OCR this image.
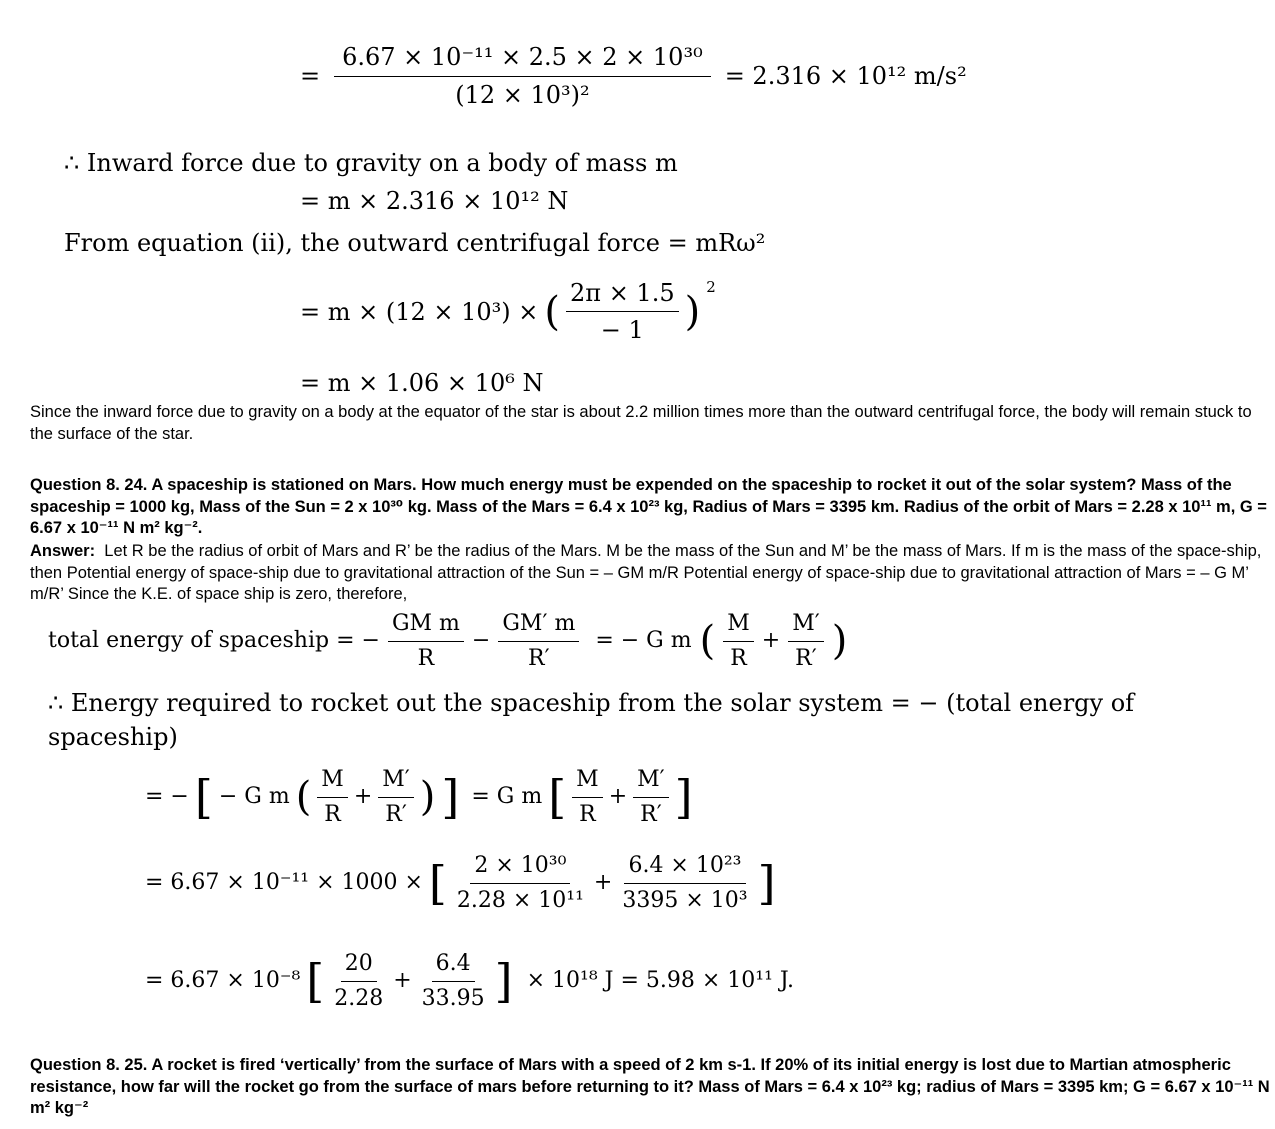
= $\frac{\text{6.67 × 10⁻¹¹ × 2.5 × 2 × 10³⁰}}{\text{(12 × 10³)²}} = 2.316 \times 10^{12}$ m/s²
∴ Inward force due to gravity on a body of mass m
= m × 2.316 × 10¹² N
From equation (ii), the outward centrifugal force = mRω²
= m × (12 × 10³) × ( $\frac{2\pi \times 1.5}{- 1}$ )
2
= m × 1.06 × 10⁶ N
Since the inward force due to gravity on a body at the equator of the star is about 2.2 million times more than the outward centrifugal force, the body will remain stuck to the surface of the star.
Question 8. 24. A spaceship is stationed on Mars. How much energy must be expended on the spaceship to rocket it out of the solar system? Mass of the spaceship = 1000 kg, Mass of the Sun = 2 x 10³⁰ kg. Mass of the Mars = 6.4 x 10²³ kg, Radius of Mars = 3395 km. Radius of the orbit of Mars = 2.28 x 10¹¹ m, G = 6.67 x 10⁻¹¹ N m² kg⁻².
Answer: Let R be the radius of orbit of Mars and R’ be the radius of the Mars. M be the mass of the Sun and M’ be the mass of Mars. If m is the mass of the space-ship, then Potential energy of space-ship due to gravitational attraction of the Sun = – GM m/R Potential energy of space-ship due to gravitational attraction of Mars = – G M’ m/R’ Since the K.E. of space ship is zero, therefore,
total energy of spaceship = − $\frac{\text{GM m}}{R} - \frac{GM' m}{R'}$ = − G m ( $\frac{M}{R} + \frac{M'}{R'}$ )
∴ Energy required to rocket out the spaceship from the solar system = − (total energy of
spaceship)
= − [ − G m ( $\frac{M}{R} + \frac{M'}{R'}$ ) ] = G m [ $\frac{M}{R} + \frac{M'}{R'}$ ]
= 6.67 × 10⁻¹¹ × 1000 × [ $\frac{\text{2 × 10³⁰}}{\text{2.28 × 10¹¹}} + \frac{\text{6.4 × 10²³}}{\text{3395 × 10³}}$ ]
= 6.67 × 10⁻⁸ [ $\frac{20}{2.28} + \frac{6.4}{33.95}$ ] × 10¹⁸ J = 5.98 × 10¹¹ J.
Question 8. 25. A rocket is fired ‘vertically’ from the surface of Mars with a speed of 2 km s-1. If 20% of its initial energy is lost due to Martian atmospheric resistance, how far will the rocket go from the surface of mars before returning to it? Mass of Mars = 6.4 x 10²³ kg; radius of Mars = 3395 km; G = 6.67 x 10⁻¹¹ N m² kg⁻²
